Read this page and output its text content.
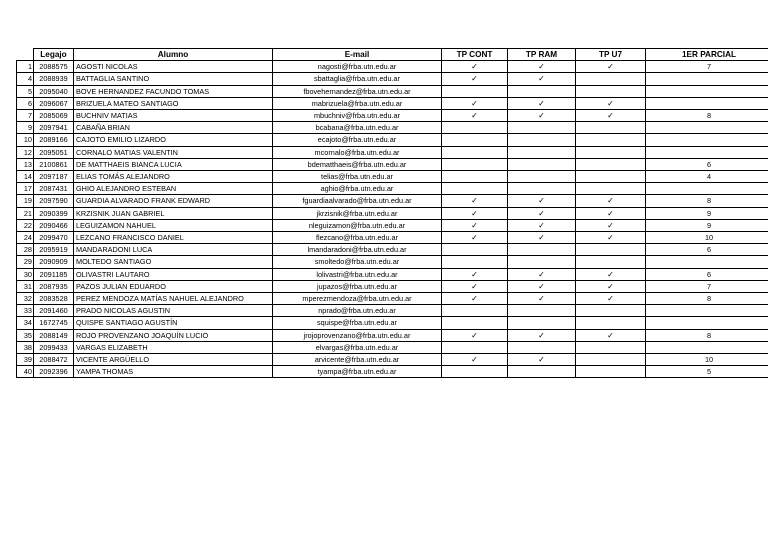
	Legajo	Alumno	E-mail	TP CONT	TP RAM	TP U7	1ER PARCIAL
1	2088575	AGOSTI NICOLAS	nagosti@frba.utn.edu.ar	✓	✓	✓	7
4	2088939	BATTAGLIA SANTINO	sbattaglia@frba.utn.edu.ar	✓	✓		
5	2095040	BOVE HERNANDEZ FACUNDO TOMAS	fbovehernandez@frba.utn.edu.ar				
6	2096067	BRIZUELA MATEO SANTIAGO	mabrizuela@frba.utn.edu.ar	✓	✓	✓	
7	2085069	BUCHNIV MATIAS	mbuchniv@frba.utn.edu.ar	✓	✓	✓	8
9	2097941	CABAÑA BRIAN	bcabana@frba.utn.edu.ar				
10	2089166	CAJOTO EMILIO LIZARDO	ecajoto@frba.utn.edu.ar				
12	2095051	CORNALO MATIAS VALENTIN	mcornalo@frba.utn.edu.ar				
13	2100861	DE MATTHAEIS BIANCA LUCIA	bdematthaeis@frba.utn.edu.ar				6
14	2097187	ELIAS TOMÁS ALEJANDRO	telias@frba.utn.edu.ar				4
17	2087431	GHIO ALEJANDRO ESTEBAN	aghio@frba.utn.edu.ar				
19	2097590	GUARDIA ALVARADO FRANK EDWARD	fguardiaalvarado@frba.utn.edu.ar	✓	✓	✓	8
21	2090399	KRZISNIK JUAN GABRIEL	jkrzisnik@frba.utn.edu.ar	✓	✓	✓	9
22	2090466	LEGUIZAMON NAHUEL	nleguizamon@frba.utn.edu.ar	✓	✓	✓	9
24	2099470	LEZCANO FRANCISCO DANIEL	flezcano@frba.utn.edu.ar	✓	✓	✓	10
28	2095919	MANDARADONI LUCA	lmandaradoni@frba.utn.edu.ar				6
29	2090909	MOLTEDO SANTIAGO	smoltedo@frba.utn.edu.ar				
30	2091185	OLIVASTRI LAUTARO	lolivastri@frba.utn.edu.ar	✓	✓	✓	6
31	2087935	PAZOS JULIAN EDUARDO	jupazos@frba.utn.edu.ar	✓	✓	✓	7
32	2083528	PEREZ MENDOZA MATÍAS NAHUEL ALEJANDRO	mperezmendoza@frba.utn.edu.ar	✓	✓	✓	8
33	2091460	PRADO NICOLAS AGUSTIN	nprado@frba.utn.edu.ar				
34	1672745	QUISPE SANTIAGO AGUSTÍN	squispe@frba.utn.edu.ar				
35	2088149	ROJO PROVENZANO JOAQUÍN LUCIO	jrojoprovenzano@frba.utn.edu.ar	✓	✓	✓	8
38	2099433	VARGAS ELIZABETH	elvargas@frba.utn.edu.ar				
39	2088472	VICENTE ARGÜELLO	arvicente@frba.utn.edu.ar	✓	✓		10
40	2092396	YAMPA THOMAS	tyampa@frba.utn.edu.ar				5
